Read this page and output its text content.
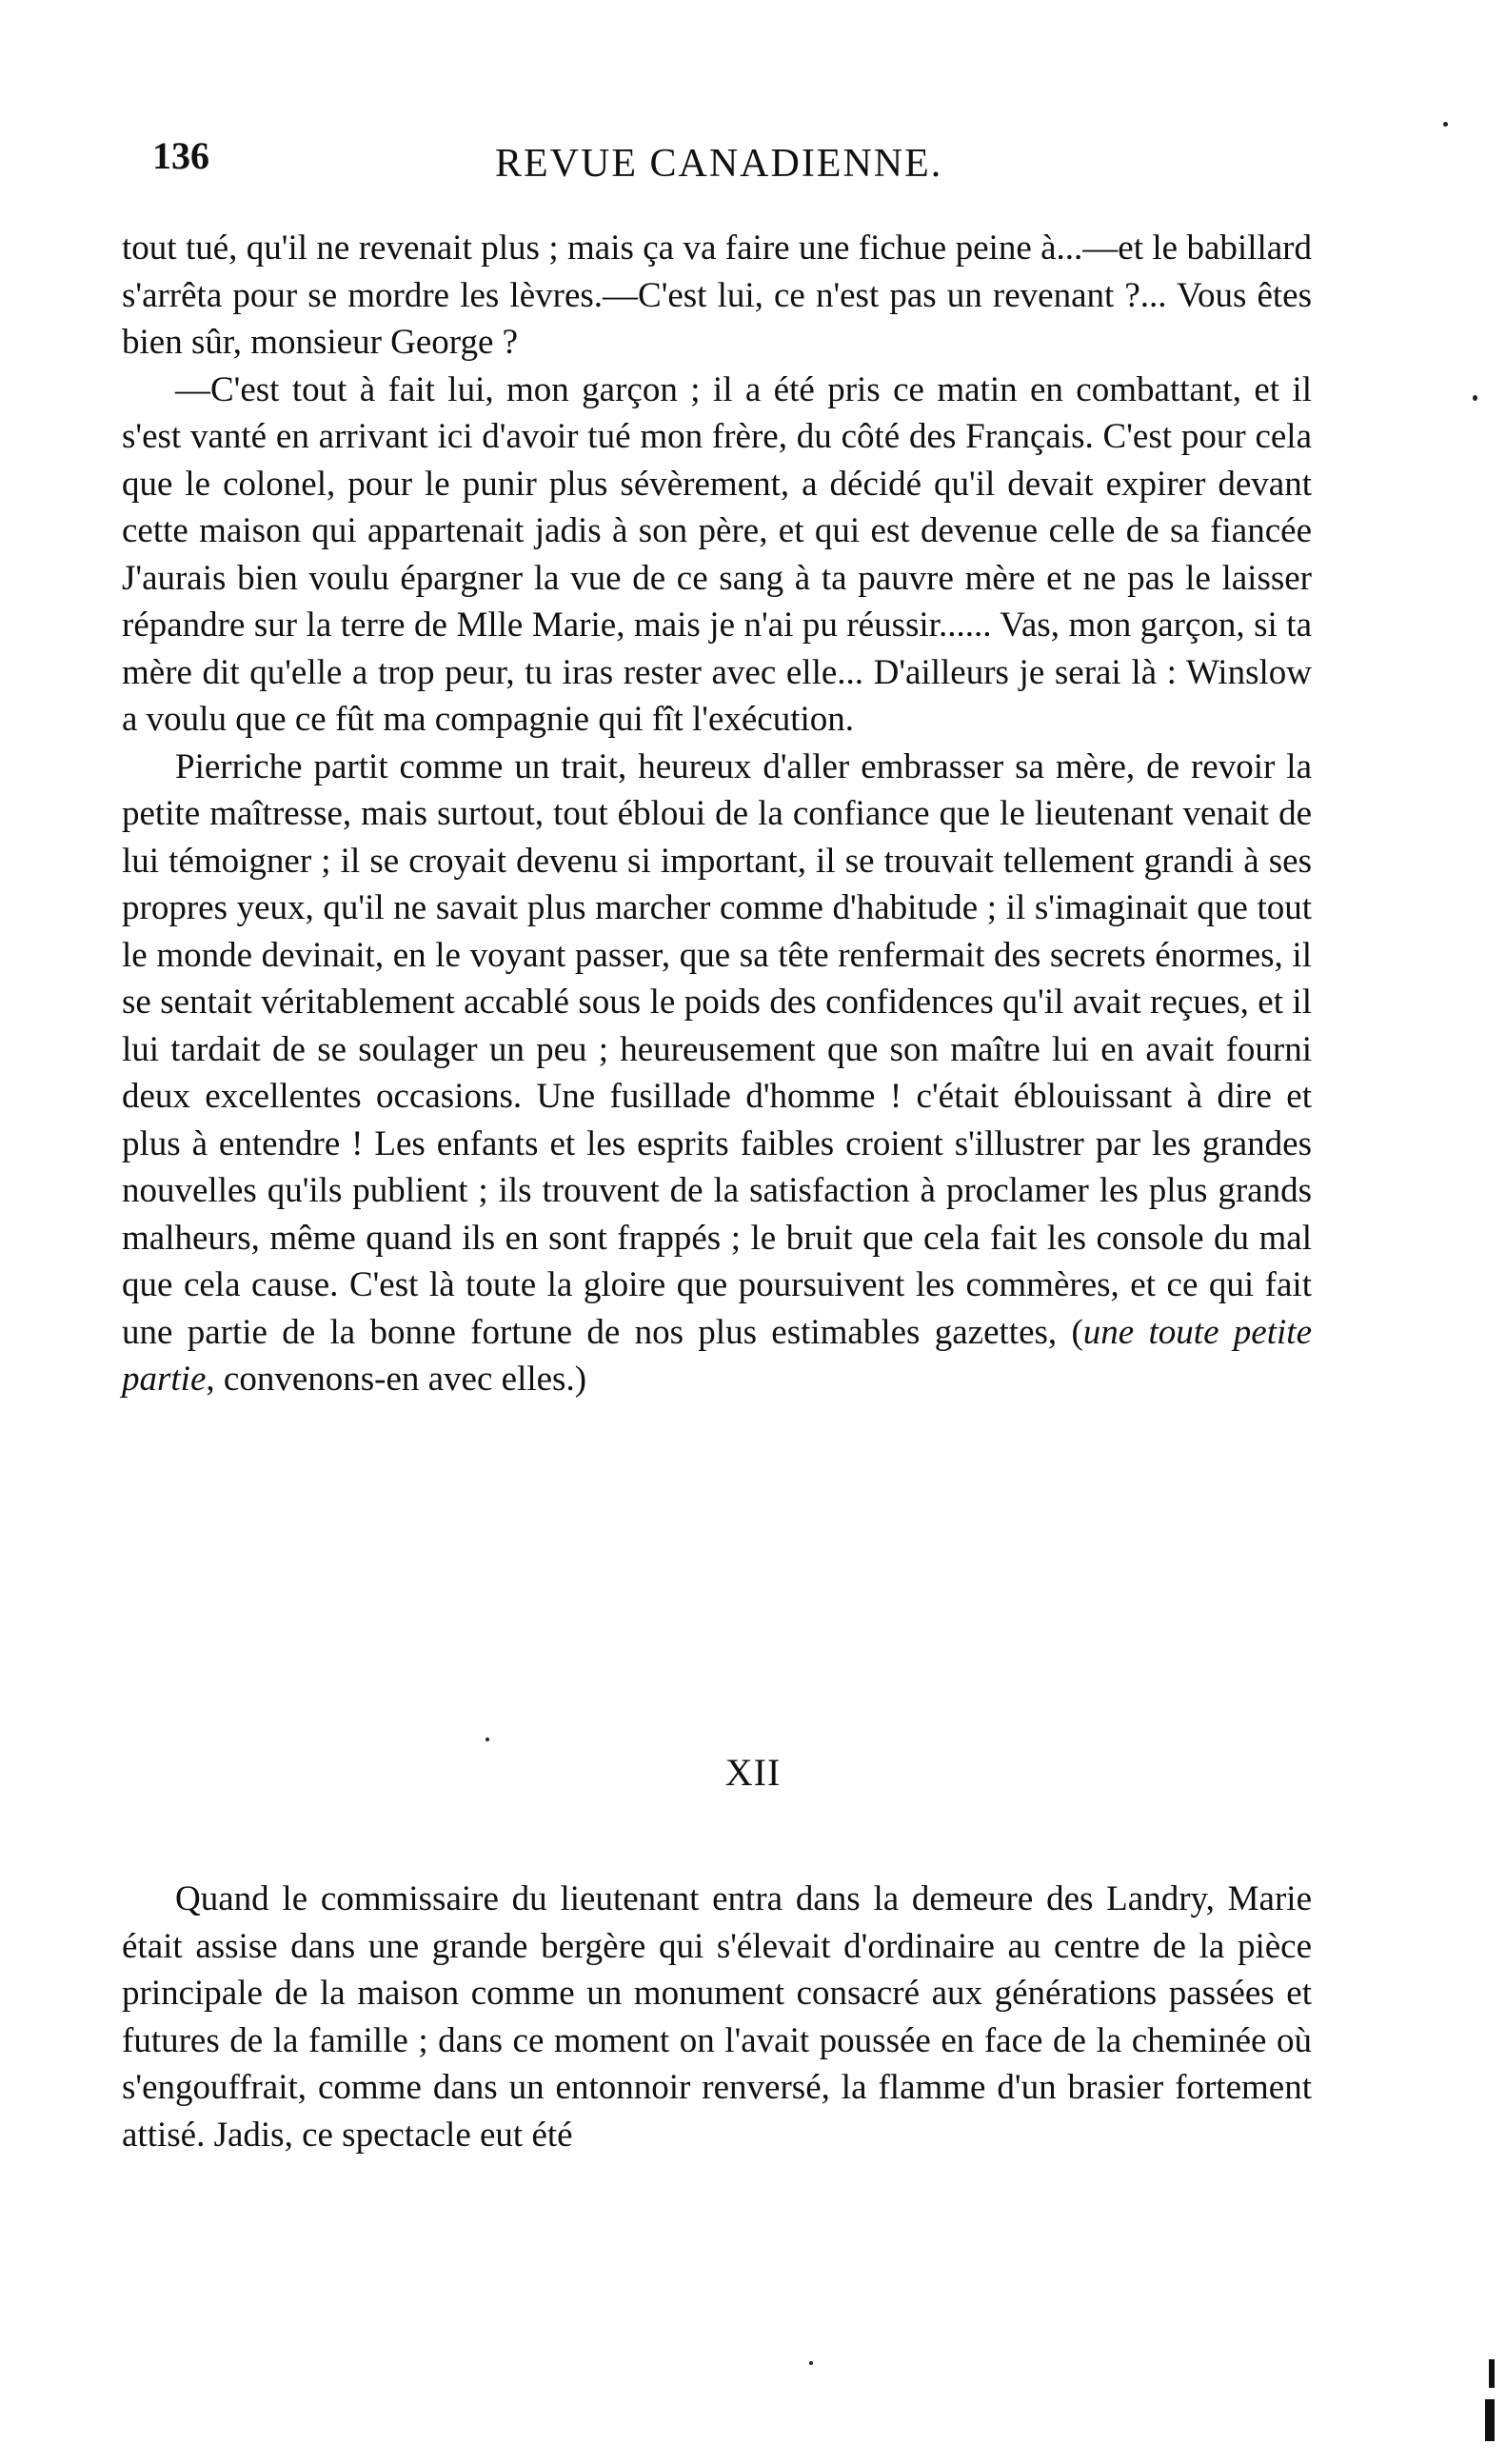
136	REVUE CANADIENNE.

tout tué, qu'il ne revenait plus ; mais ça va faire une fichue peine à...—et le babillard s'arrêta pour se mordre les lèvres.—C'est lui, ce n'est pas un revenant ?... Vous êtes bien sûr, monsieur George ?

—C'est tout à fait lui, mon garçon ; il a été pris ce matin en combattant, et il s'est vanté en arrivant ici d'avoir tué mon frère, du côté des Français. C'est pour cela que le colonel, pour le punir plus sévèrement, a décidé qu'il devait expirer devant cette maison qui appartenait jadis à son père, et qui est devenue celle de sa fiancée J'aurais bien voulu épargner la vue de ce sang à ta pauvre mère et ne pas le laisser répandre sur la terre de Mlle Marie, mais je n'ai pu réussir...... Vas, mon garçon, si ta mère dit qu'elle a trop peur, tu iras rester avec elle... D'ailleurs je serai là : Winslow a voulu que ce fût ma compagnie qui fît l'exécution.

Pierriche partit comme un trait, heureux d'aller embrasser sa mère, de revoir la petite maîtresse, mais surtout, tout ébloui de la confiance que le lieutenant venait de lui témoigner ; il se croyait devenu si important, il se trouvait tellement grandi à ses propres yeux, qu'il ne savait plus marcher comme d'habitude ; il s'imaginait que tout le monde devinait, en le voyant passer, que sa tête renfermait des secrets énormes, il se sentait véritablement accablé sous le poids des confidences qu'il avait reçues, et il lui tardait de se soulager un peu ; heureusement que son maître lui en avait fourni deux excellentes occasions. Une fusillade d'homme ! c'était éblouissant à dire et plus à entendre ! Les enfants et les esprits faibles croient s'illustrer par les grandes nouvelles qu'ils publient ; ils trouvent de la satisfaction à proclamer les plus grands malheurs, même quand ils en sont frappés ; le bruit que cela fait les console du mal que cela cause. C'est là toute la gloire que poursuivent les commères, et ce qui fait une partie de la bonne fortune de nos plus estimables gazettes, (une toute petite partie, convenons-en avec elles.)

XII

Quand le commissaire du lieutenant entra dans la demeure des Landry, Marie était assise dans une grande bergère qui s'élevait d'ordinaire au centre de la pièce principale de la maison comme un monument consacré aux générations passées et futures de la famille ; dans ce moment on l'avait poussée en face de la cheminée où s'engouffrait, comme dans un entonnoir renversé, la flamme d'un brasier fortement attisé. Jadis, ce spectacle eut été
